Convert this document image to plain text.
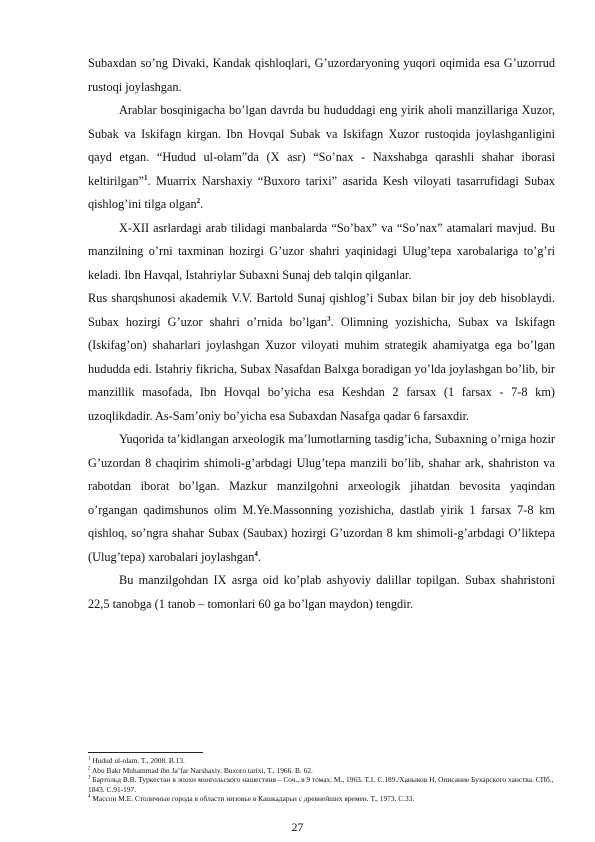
Subaxdan so’ng Divaki, Kandak qishloqlari, G’uzordaryoning yuqori oqimida esa G’uzorrud rustoqi joylashgan.

Arablar bosqinigacha bo’lgan davrda bu hududdagi eng yirik aholi manzillariga Xuzor, Subak va Iskifagn kirgan. Ibn Hovqal Subak va Iskifagn Xuzor rustoqida joylashganligini qayd etgan. “Hudud ul-olam”da (X asr) “So’nax - Naxshabga qarashli shahar iborasi keltirilgan”$^1$. Muarrix Narshaxiy “Buxoro tarixi” asarida Kesh viloyati tasarrufidagi Subax qishlog’ini tilga olgan$^2$.

X-XII asrlardagi arab tilidagi manbalarda “So’bax” va “So’nax” atamalari mavjud. Bu manzilning o’rni taxminan hozirgi G’uzor shahri yaqinidagi Ulug’tepa xarobalariga to’g’ri keladi. Ibn Havqal, Istahriylar Subaxni Sunaj deb talqin qilganlar.

Rus sharqshunosi akademik V.V. Bartold Sunaj qishlog’i Subax bilan bir joy deb hisoblaydi. Subax hozirgi G’uzor shahri o’rnida bo’lgan$^3$. Olimning yozishicha, Subax va Iskifagn (Iskifag’on) shaharlari joylashgan Xuzor viloyati muhim strategik ahamiyatga ega bo’lgan hududda edi. Istahriy fikricha, Subax Nasafdan Balxga boradigan yo’lda joylashgan bo’lib, bir manzillik masofada, Ibn Hovqal bo’yicha esa Keshdan 2 farsax (1 farsax - 7-8 km) uzoqlikdadir. As-Sam’oniy bo’yicha esa Subaxdan Nasafga qadar 6 farsaxdir.

Yuqorida ta’kidlangan arxeologik ma’lumotlarning tasdig’icha, Subaxning o’rniga hozir G’uzordan 8 chaqirim shimoli-g’arbdagi Ulug’tepa manzili bo’lib, shahar ark, shahriston va rabotdan iborat bo’lgan. Mazkur manzilgohni arxeologik jihatdan bevosita yaqindan o’rgangan qadimshunos olim M.Ye.Massonning yozishicha, dastlab yirik 1 farsax 7-8 km qishloq, so’ngra shahar Subax (Saubax) hozirgi G’uzordan 8 km shimoli-g’arbdagi O’liktepa (Ulug’tepa) xarobalari joylashgan$^4$.

Bu manzilgohdan IX asrga oid ko’plab ashyoviy dalillar topilgan. Subax shahristoni 22,5 tanobga (1 tanob – tomonlari 60 ga bo’lgan maydon) tengdir.

$^1$ Hudud ul-olam. T., 2008. B.13.

$^2$ Abu Bakr Muhammad ibn Ja’far Narshaxiy. Buxoro tarixi, T., 1966. B. 62.

$^3$ Бартольд В.В. Туркестан в эпохи монгольского нашествия – Соч., в 9 томах. М., 1963. Т.1. С.189./Ханыков Н. Описание Бухарского ханства. СПб., 1843. С.91-197.

$^4$ Массон М.Е. Столичные города в области низовье в Кашкадарьи с древнейших времен. Т., 1973. С.33.

27
